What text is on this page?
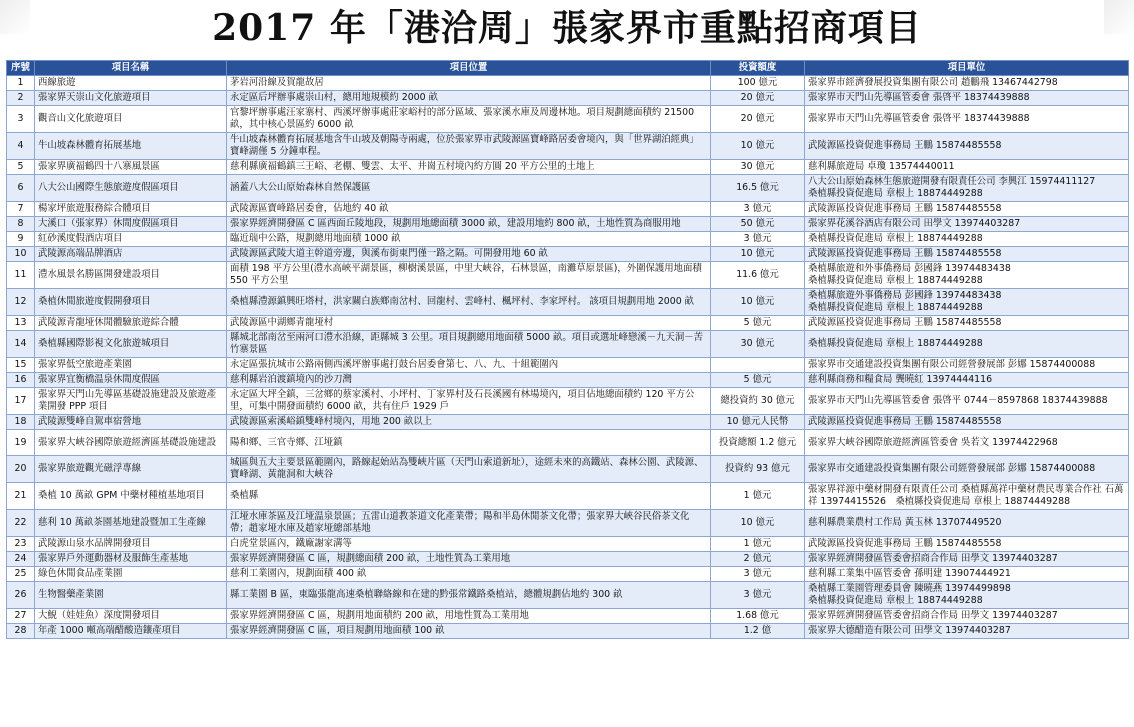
2017 年「港洽周」張家界市重點招商項目
序號	項目名稱	項目位置	投資額度	項目單位
1	西線旅遊	茅岩河沿線及賀龍故居	100 億元	張家界市經濟發展投資集團有限公司 趙鵬飛 13467442798
2	張家界天崇山文化旅遊項目	永定區后坪辦事處崇山村，總用地規模約 2000 畝	20 億元	張家界市天門山先導區管委會 張啓平 18374439888
3	觀音山文化旅遊項目	官黎坪辦事處汪家寨村、西溪坪辦事處莊家峪村的部分區域、張家溪水庫及周邊林地。項目規劃總面積約 21500 畝，其中核心景區約 6000 畝	20 億元	張家界市天門山先導區管委會 張啓平 18374439888
4	牛山坡森林體育拓展基地	牛山坡森林體育拓展基地含牛山坡及朝陽寺兩處，位於張家界市武陵源區寶峰路居委會境內，與「世界湖泊經典」寶峰湖僅 5 分鐘車程。	10 億元	武陵源區投資促進事務局 王鵬 15874485558
5	張家界廣福鶴四十八寨風景區	慈利縣廣福鶴鎮三王峪、老棚、雙雲、太平、井崗五村境內約方圓 20 平方公里的土地上	30 億元	慈利縣旅遊局 卓瓊 13574440011
6	八大公山國際生態旅遊度假區項目	涵蓋八大公山原始森林自然保護區	16.5 億元	八大公山原始森林生態旅遊開發有限責任公司 李興江 15974411127
桑植縣投資促進局 章根上 18874449288
7	楊家坪旅遊服務綜合體項目	武陵源區寶峰路居委會，佔地約 40 畝	3 億元	武陵源區投資促進事務局 王鵬 15874485558
8	大溪口（張家界）休閒度假區項目	張家界經濟開發區 C 區西面丘陵地段，規劃用地總面積 3000 畝，建設用地約 800 畝，土地性質為商服用地	50 億元	張家界花溪谷酒店有限公司 田學文 13974403287
9	紅砂溪度假酒店項目	臨近瑞中公路，規劃總用地面積 1000 畝	3 億元	桑植縣投資促進局 章根上 18874449288
10	武陵源高端品牌酒店	武陵源區武陵大道主幹道旁邊，與溪布街東門僅一路之隔。可開發用地 60 畝	10 億元	武陵源區投資促進事務局 王鵬 15874485558
11	澧水風景名勝區開發建設項目	面積 198 平方公里(澧水高峽平湖景區，柳樹溪景區，中里大峽谷，石林景區，南灘草原景區)，外圍保護用地面積 550 平方公里	11.6 億元	桑植縣旅遊和外事僑務局 彭國鋒 13974483438
桑植縣投資促進局 章根上 18874449288
12	桑植休閒旅遊度假開發項目	桑植縣澧源鎮興旺塔村，洪家關白族鄉南岔村、回龍村、雲峰村、楓坪村、李家坪村。 該項目規劃用地 2000 畝	10 億元	桑植縣旅遊外事僑務局 彭國鋒 13974483438
桑植縣投資促進局 章根上 18874449288
13	武陵源青龍垭休閒體驗旅遊綜合體	武陵源區中湖鄉青龍垭村	5 億元	武陵源區投資促進事務局 王鵬 15874485558
14	桑植縣國際影視文化旅遊城項目	縣城北部南岔至兩河口澧水沿線，距縣城 3 公里。項目規劃總用地面積 5000 畝。項目或選址峰戀溪－九天洞－苦竹寨景區	30 億元	桑植縣投資促進局 章根上 18874449288
15	張家界低空旅遊產業園	永定區張抗城市公路兩側西溪坪辦事處打鼓台居委會第七、八、九、十組範圍內		張家界市交通建設投資集團有限公司經營發展部 彭娜 15874400088
16	張家界宜衡橋温泉休閒度假區	慈利縣岩泊渡鎮境內的沙刀灣	5 億元	慈利縣商務和糧食局 龔曉紅 13974444116
17	張家界天門山先導區基礎設施建設及旅遊產業開發 PPP 項目	永定區大坪全鎮，三岔鄉的蔡家溪村、小坪村、丁家界村及石長溪國有林場境內，項目佔地總面積約 120 平方公里，可集中開發面積約 6000 畝，共有住戶 1929 戶	總投資約 30 億元	張家界市天門山先導區管委會 張啓平 0744－8597868 18374439888
18	武陵源雙峰自駕車宿營地	武陵源區索溪峪鎮雙峰村境內，用地 200 畝以上	10 億元人民幣	武陵源區投資促進事務局 王鵬 15874485558
19	張家界大峽谷國際旅遊經濟區基礎設施建設	陽和鄉、三官寺鄉、江垭鎮	投資總額 1.2 億元	張家界大峽谷國際旅遊經濟區管委會 吳若文 13974422968
20	張家界旅遊觀光磁浮專線	城區與五大主要景區範圍內，路線起始站為雙峽片區（天門山索道新址），途經未來的高鐵站、森林公園、武陵源、寶峰湖、黃龍洞和大峽谷	投資約 93 億元	張家界市交通建設投資集團有限公司經營發展部 彭娜 15874400088
21	桑植 10 萬畝 GPM 中藥材種植基地項目	桑植縣	1 億元	張家界祥源中藥材開發有限責任公司 桑植縣萬祥中藥材農民專業合作社 石萬祥 13974415526　桑植縣投資促進局 章根上 18874449288
22	慈利 10 萬畝茶園基地建設暨加工生產線	江垭水庫茶區及江垭温泉景區；五雷山道教茶道文化產業帶；陽和半島休閒茶文化帶；張家界大峽谷民俗茶文化帶；趙家垭水庫及趙家垭總部基地	10 億元	慈利縣農業農村工作局 黃玉林 13707449520
23	武陵源山泉水品牌開發項目	白虎堂景區內，鐵廠謝家溝等	1 億元	武陵源區投資促進事務局 王鵬 15874485558
24	張家界戶外運動器材及服飾生產基地	張家界經濟開發區 C 區，規劃總面積 200 畝，土地性質為工業用地	2 億元	張家界經濟開發區管委會招商合作局 田學文 13974403287
25	綠色休閒食品產業園	慈利工業園內，規劃面積 400 畝	3 億元	慈利縣工業集中區管委會 孫明建 13907444921
26	生物醫藥產業園	縣工業園 B 區，東臨張龍高速桑植聯絡線和在建的黔張常鐵路桑植站，總體規劃佔地約 300 畝	3 億元	桑植縣工業園管理委員會 陳曉燕 13974499898
桑植縣投資促進局 章根上 18874449288
27	大鯢（娃娃魚）深度開發項目	張家界經濟開發區 C 區，規劃用地面積約 200 畝，用地性質為工業用地	1.68 億元	張家界經濟開發區管委會招商合作局 田學文 13974403287
28	年產 1000 噸高端醋酸造鑲產項目	張家界經濟開發區 C 區，項目規劃用地面積 100 畝	1.2 億	張家界大德醋造有限公司 田學文 13974403287
